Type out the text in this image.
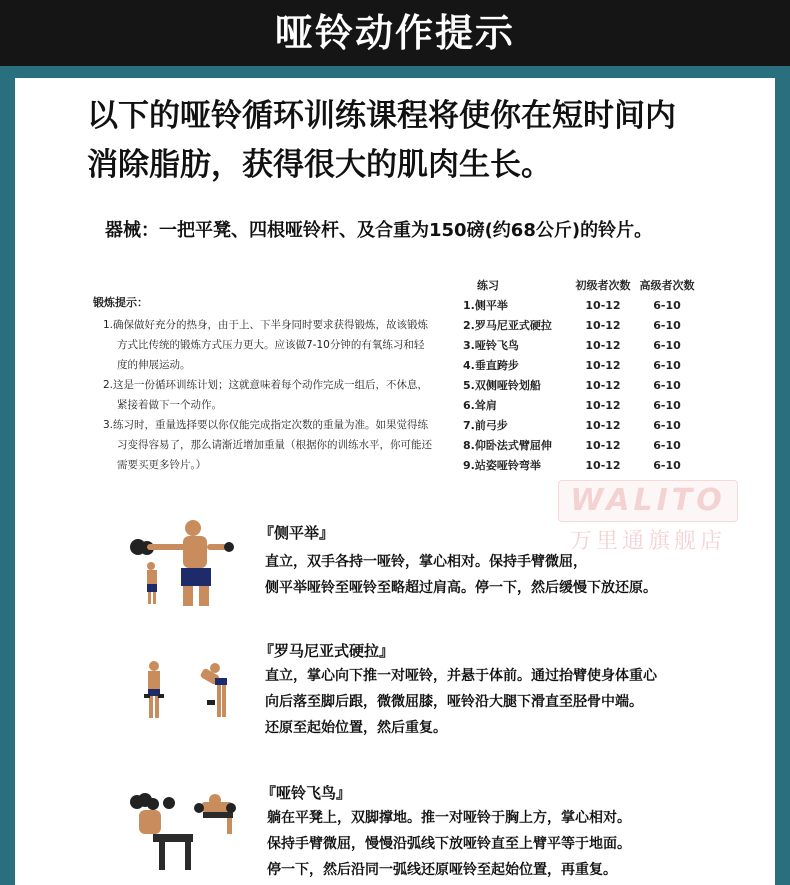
哑铃动作提示
以下的哑铃循环训练课程将使你在短时间内
消除脂肪，获得很大的肌肉生长。
器械：一把平凳、四根哑铃杆、及合重为150磅(约68公斤)的铃片。
锻炼提示：
1.确保做好充分的热身，由于上、下半身同时要求获得锻炼，故该锻炼方式比传统的锻炼方式压力更大。应该做7-10分钟的有氧练习和轻度的伸展运动。
2.这是一份循环训练计划；这就意味着每个动作完成一组后，不休息，紧接着做下一个动作。
3.练习时，重量选择要以你仅能完成指定次数的重量为准。如果觉得练习变得容易了，那么请渐近增加重量（根据你的训练水平，你可能还需要买更多铃片。）
练习	初级者次数 高级者次数
1.侧平举	10-12	6-10
2.罗马尼亚式硬拉	10-12	6-10
3.哑铃飞鸟	10-12	6-10
4.垂直跨步	10-12	6-10
5.双侧哑铃划船	10-12	6-10
6.耸肩	10-12	6-10
7.前弓步	10-12	6-10
8.仰卧法式臂屈伸	10-12	6-10
9.站姿哑铃弯举	10-12	6-10
WALITO
万里通旗舰店
『侧平举』
直立，双手各持一哑铃，掌心相对。保持手臂微屈，
侧平举哑铃至哑铃至略超过肩高。停一下，然后缓慢下放还原。
『罗马尼亚式硬拉』
直立，掌心向下推一对哑铃，并悬于体前。通过抬臂使身体重心
向后落至脚后跟，微微屈膝，哑铃沿大腿下滑直至胫骨中端。
还原至起始位置，然后重复。
『哑铃飞鸟』
躺在平凳上，双脚撑地。推一对哑铃于胸上方，掌心相对。
保持手臂微屈，慢慢沿弧线下放哑铃直至上臂平等于地面。
停一下，然后沿同一弧线还原哑铃至起始位置，再重复。
